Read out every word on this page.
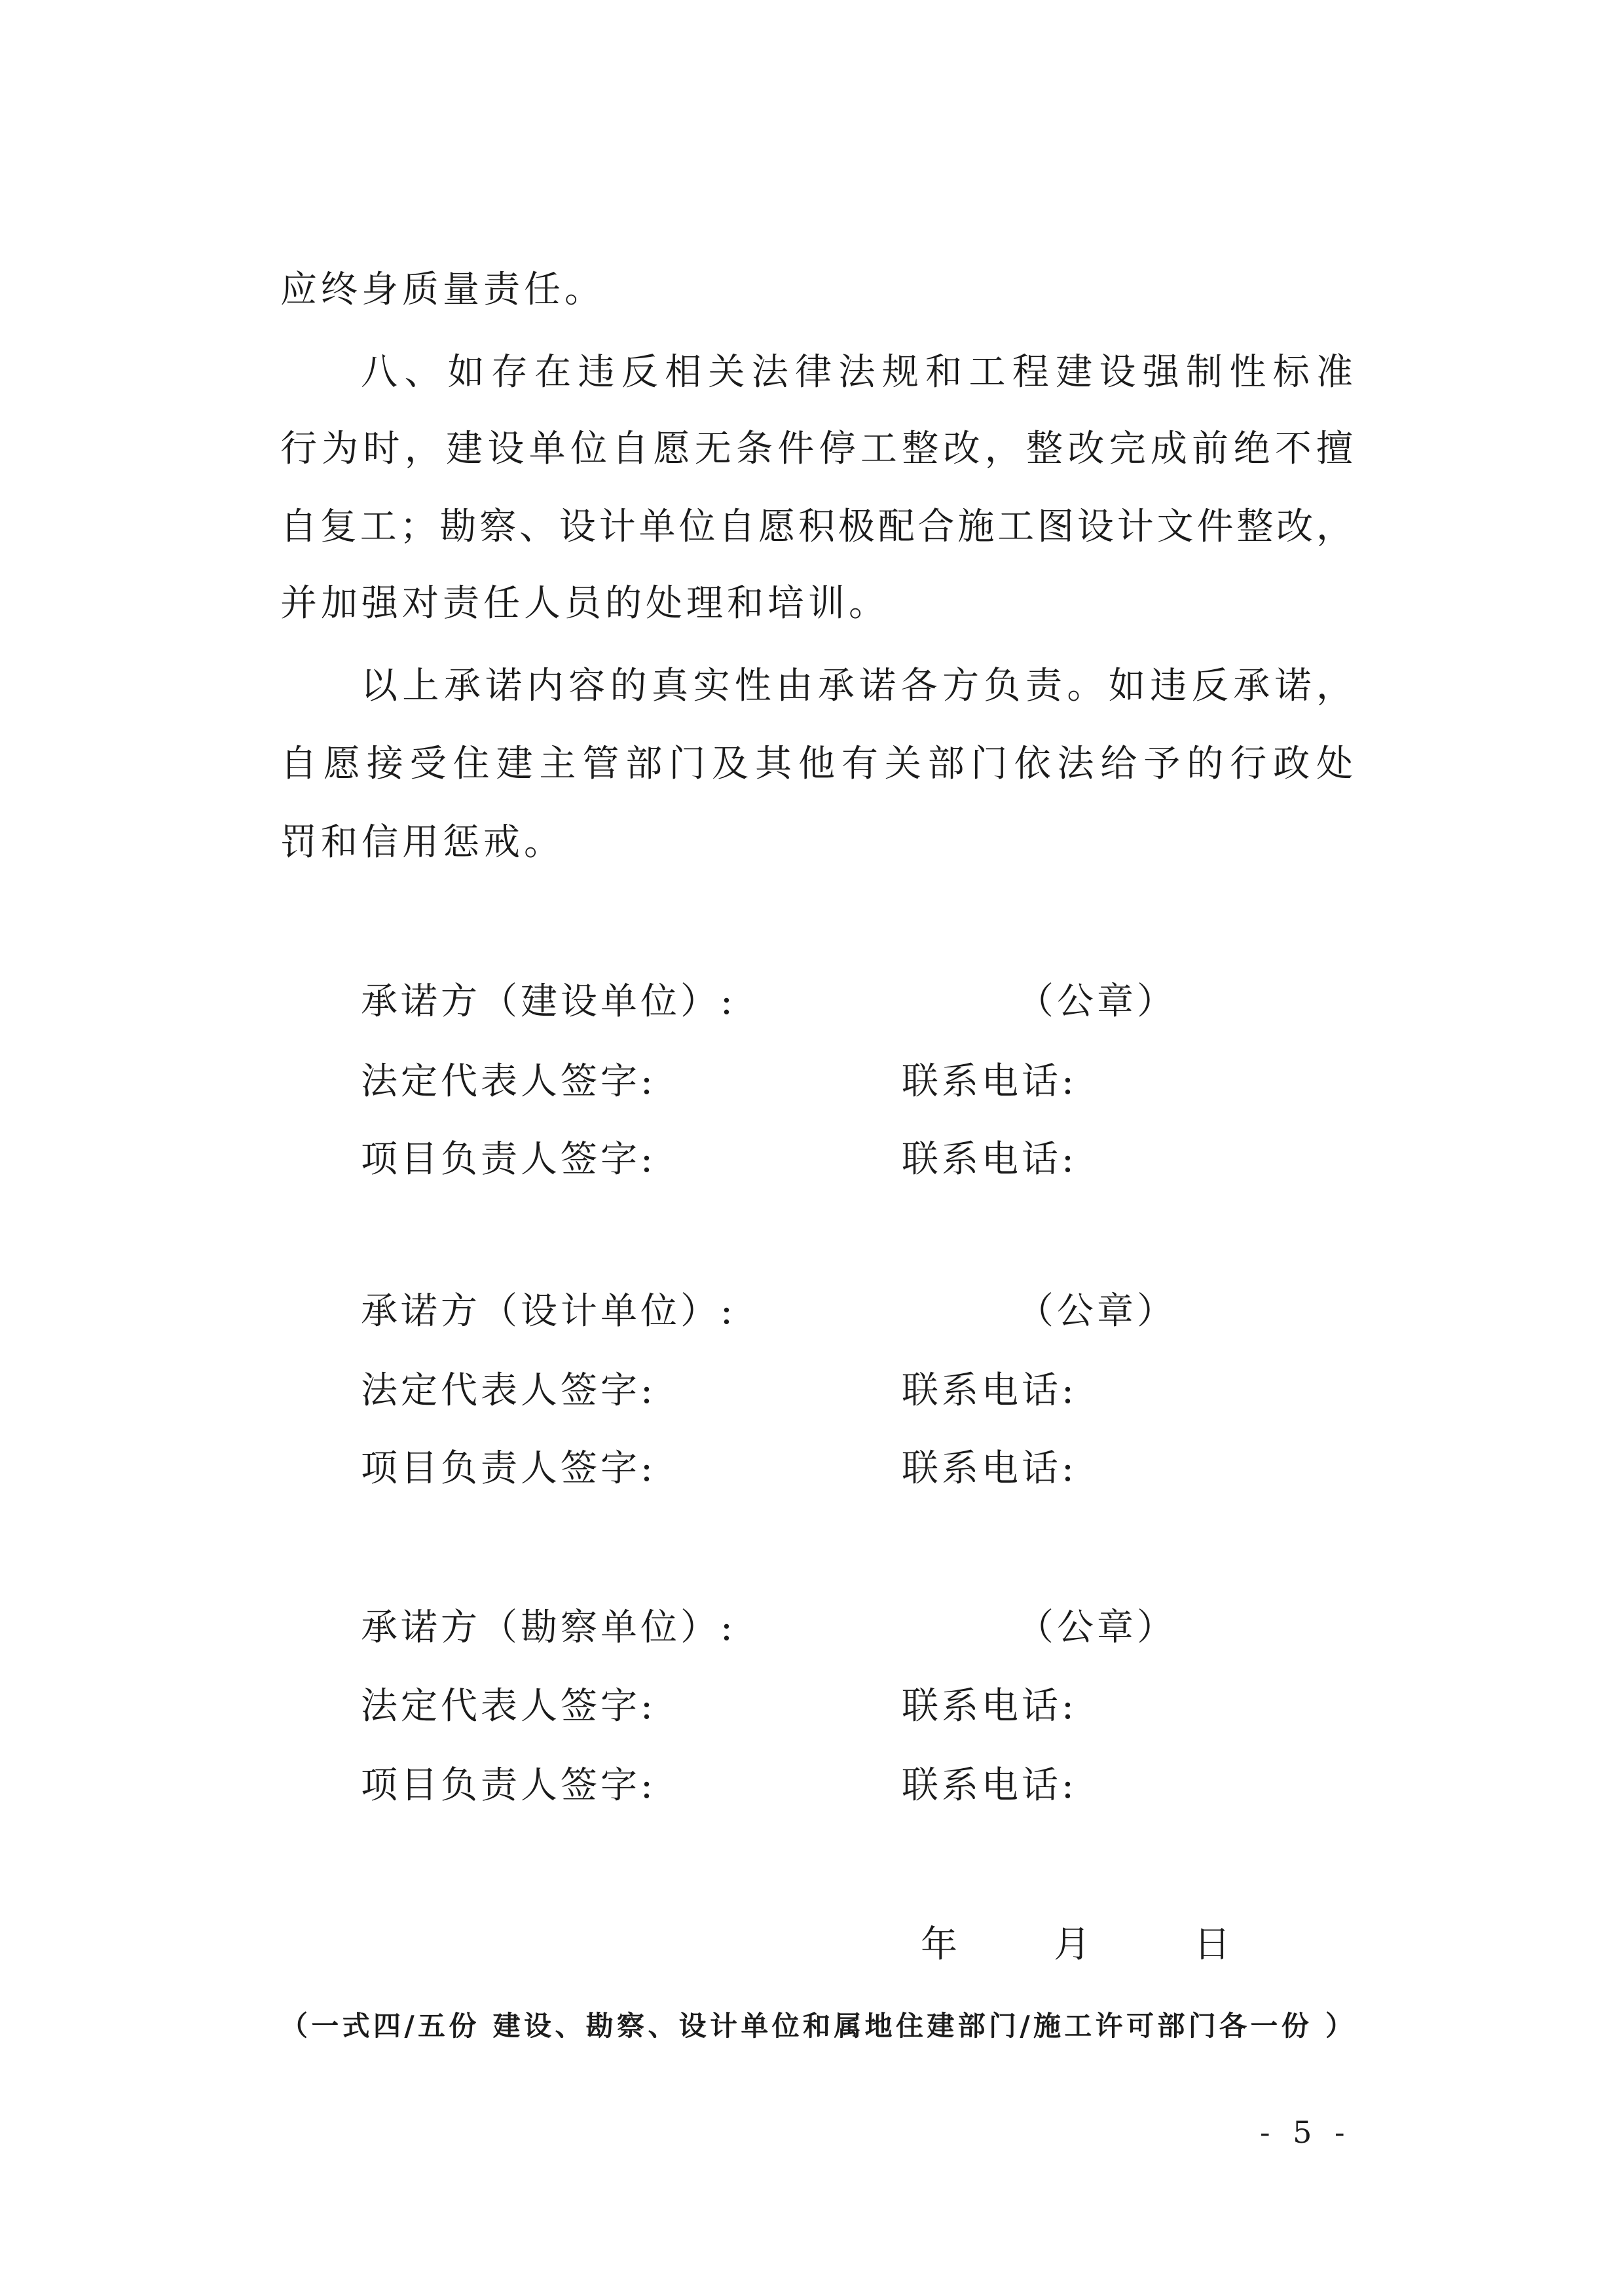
应终身质量责任。
八、如存在违反相关法律法规和工程建设强制性标准
行为时，建设单位自愿无条件停工整改，整改完成前绝不擅
自复工；勘察、设计单位自愿积极配合施工图设计文件整改，
并加强对责任人员的处理和培训。
以上承诺内容的真实性由承诺各方负责。如违反承诺，
自愿接受住建主管部门及其他有关部门依法给予的行政处
罚和信用惩戒。
承诺方（建设单位）:	（公章）
法定代表人签字:	联系电话:
项目负责人签字:	联系电话:
承诺方（设计单位）:	（公章）
法定代表人签字:	联系电话:
项目负责人签字:	联系电话:
承诺方（勘察单位）:	（公章）
法定代表人签字:	联系电话:
项目负责人签字:	联系电话:
年	月	日
（一式四/五份 建设、勘察、设计单位和属地住建部门/施工许可部门各一份 ）
- 5 -
